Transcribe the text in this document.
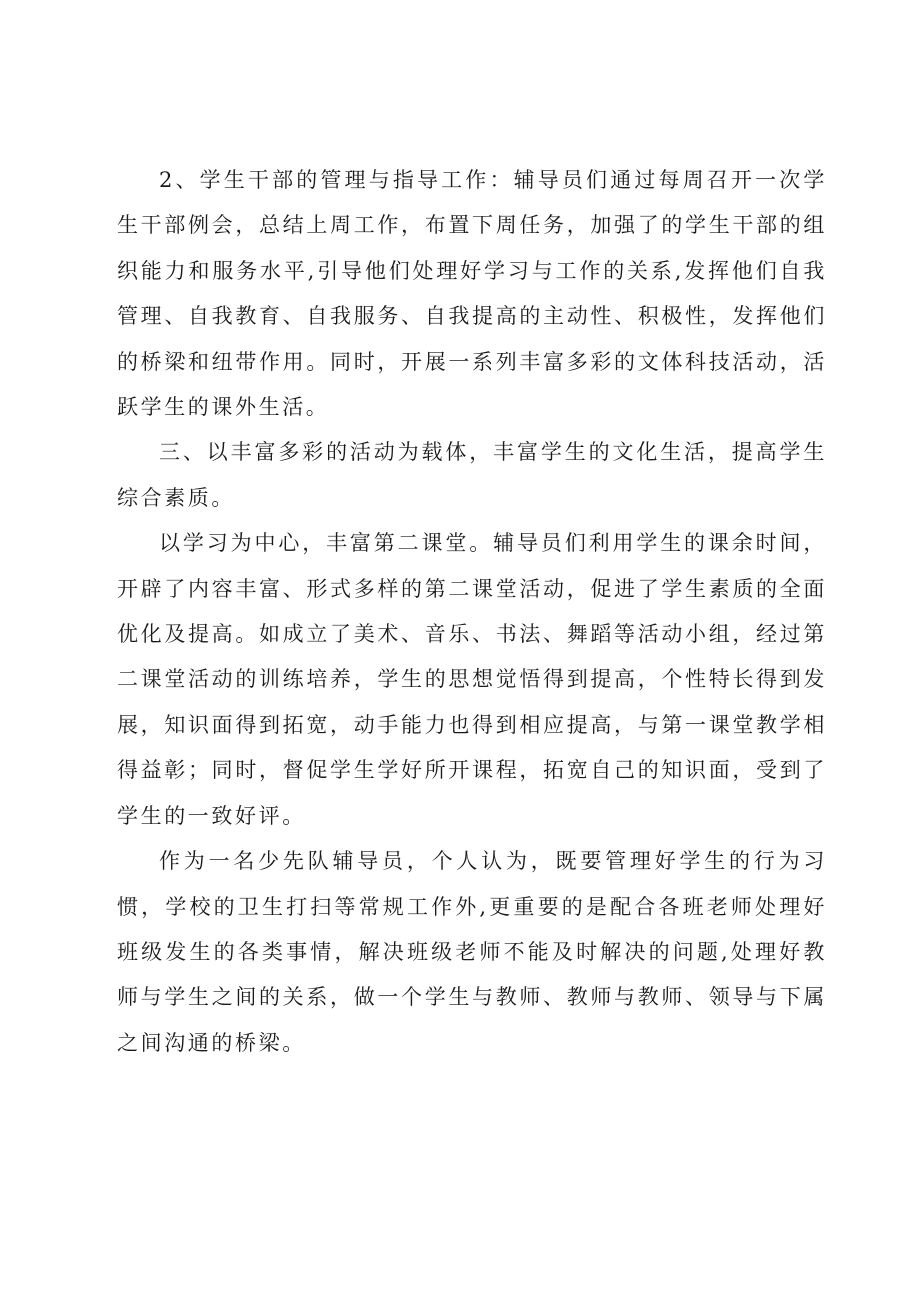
2、学生干部的管理与指导工作：辅导员们通过每周召开一次学生干部例会，总结上周工作，布置下周任务，加强了的学生干部的组织能力和服务水平,引导他们处理好学习与工作的关系,发挥他们自我管理、自我教育、自我服务、自我提高的主动性、积极性，发挥他们的桥梁和纽带作用。同时，开展一系列丰富多彩的文体科技活动，活跃学生的课外生活。

三、以丰富多彩的活动为载体，丰富学生的文化生活，提高学生综合素质。

以学习为中心，丰富第二课堂。辅导员们利用学生的课余时间，开辟了内容丰富、形式多样的第二课堂活动，促进了学生素质的全面优化及提高。如成立了美术、音乐、书法、舞蹈等活动小组，经过第二课堂活动的训练培养，学生的思想觉悟得到提高，个性特长得到发展，知识面得到拓宽，动手能力也得到相应提高，与第一课堂教学相得益彰；同时，督促学生学好所开课程，拓宽自己的知识面，受到了学生的一致好评。

作为一名少先队辅导员，个人认为，既要管理好学生的行为习惯，学校的卫生打扫等常规工作外,更重要的是配合各班老师处理好班级发生的各类事情，解决班级老师不能及时解决的问题,处理好教师与学生之间的关系，做一个学生与教师、教师与教师、领导与下属之间沟通的桥梁。
